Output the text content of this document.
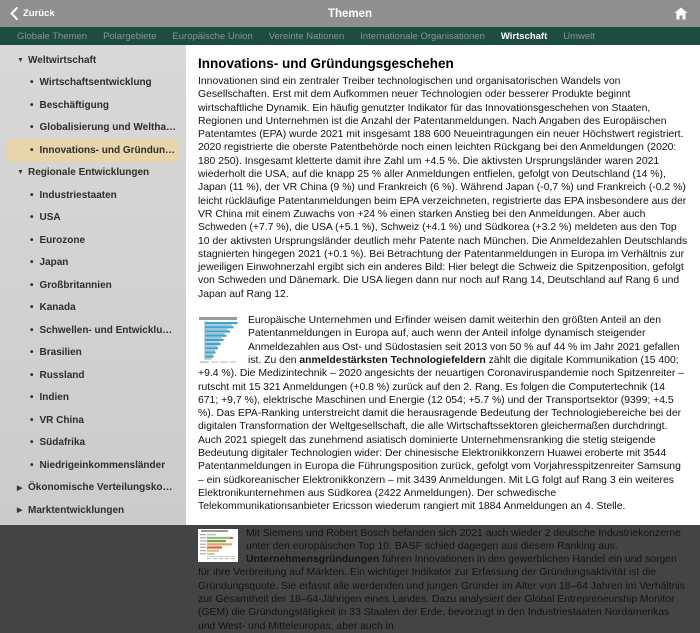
Zurück	Themen
Globale Themen Polargebiete Europäische Union Vereinte Nationen Internationale Organisationen Wirtschaft Umwelt
▼ Weltwirtschaft
• Wirtschaftsentwicklung
• Beschäftigung
• Globalisierung und Weltha…
• Innovations- und Gründun…
▼ Regionale Entwicklungen
• Industriestaaten
• USA
• Eurozone
• Japan
• Großbritannien
• Kanada
• Schwellen- und Entwicklu…
• Brasilien
• Russland
• Indien
• VR China
• Südafrika
• Niedrigeinkommensländer
▶ Ökonomische Verteilungsko…
▶ Marktentwicklungen
Innovations- und Gründungsgeschehen
Innovationen sind ein zentraler Treiber technologischen und organisatorischen Wandels von Gesellschaften. Erst mit dem Aufkommen neuer Technologien oder besserer Produkte beginnt wirtschaftliche Dynamik. Ein häufig genutzter Indikator für das Innovationsgeschehen von Staaten, Regionen und Unternehmen ist die Anzahl der Patentanmeldungen. Nach Angaben des Europäischen Patentamtes (EPA) wurde 2021 mit insgesamt 188 600 Neueintragungen ein neuer Höchstwert registriert. 2020 registrierte die oberste Patentbehörde noch einen leichten Rückgang bei den Anmeldungen (2020: 180 250). Insgesamt kletterte damit ihre Zahl um +4.5 %. Die aktivsten Ursprungsländer waren 2021 wiederholt die USA, auf die knapp 25 % aller Anmeldungen entfielen, gefolgt von Deutschland (14 %), Japan (11 %), der VR China (9 %) und Frankreich (6 %). Während Japan (-0,7 %) und Frankreich (-0.2 %) leicht rückläufige Patentanmeldungen beim EPA verzeichneten, registrierte das EPA insbesondere aus der VR China mit einem Zuwachs von +24 % einen starken Anstieg bei den Anmeldungen. Aber auch Schweden (+7.7 %), die USA (+5.1 %), Schweiz (+4.1 %) und Südkorea (+3.2 %) meldeten aus den Top 10 der aktivsten Ursprungsländer deutlich mehr Patente nach München. Die Anmeldezahlen Deutschlands stagnierten hingegen 2021 (+0.1 %). Bei Betrachtung der Patentanmeldungen in Europa im Verhältnis zur jeweiligen Einwohnerzahl ergibt sich ein anderes Bild: Hier belegt die Schweiz die Spitzenposition, gefolgt von Schweden und Dänemark. Die USA liegen dann nur noch auf Rang 14, Deutschland auf Rang 6 und Japan auf Rang 12.
Europäische Unternehmen und Erfinder weisen damit weiterhin den größten Anteil an den Patentanmeldungen in Europa auf, auch wenn der Anteil infolge dynamisch steigender Anmeldezahlen aus Ost- und Südostasien seit 2013 von 50 % auf 44 % im Jahr 2021 gefallen ist. Zu den anmeldestärksten Technologiefeldern zählt die digitale Kommunikation (15 400; +9.4 %). Die Medizintechnik – 2020 angesichts der neuartigen Coronaviruspandemie noch Spitzenreiter – rutscht mit 15 321 Anmeldungen (+0.8 %) zurück auf den 2. Rang. Es folgen die Computertechnik (14 671; +9,7 %), elektrische Maschinen und Energie (12 054; +5.7 %) und der Transportsektor (9399; +4.5 %). Das EPA-Ranking unterstreicht damit die herausragende Bedeutung der Technologiebereiche bei der digitalen Transformation der Weltgesellschaft, die alle Wirtschaftssektoren gleichermaßen durchdringt.
Auch 2021 spiegelt das zunehmend asiatisch dominierte Unternehmensranking die stetig steigende Bedeutung digitaler Technologien wider: Der chinesische Elektronikkonzern Huawei eroberte mit 3544 Patentanmeldungen in Europa die Führungsposition zurück, gefolgt vom Vorjahresspitzenreiter Samsung – ein südkoreanischer Elektronikkonzern – mit 3439 Anmeldungen. Mit LG folgt auf Rang 3 ein weiteres Elektronikunternehmen aus Südkorea (2422 Anmeldungen). Der schwedische Telekommunikationsanbieter Ericsson wiederum rangiert mit 1884 Anmeldungen an 4. Stelle.
Mit Siemens und Robert Bosch befanden sich 2021 auch wieder 2 deutsche Industriekonzerne unter den europäischen Top 10. BASF schied dagegen aus diesem Ranking aus.
Unternehmensgründungen führen Innovationen in den gewerblichen Handel ein und sorgen für ihre Verbreitung auf Märkten. Ein wichtiger Indikator zur Erfassung der Gründungsaktivität ist die Gründungsquote. Sie erfasst alle werdenden und jungen Gründer im Alter von 18–64 Jahren im Verhältnis zur Gesamtheit der 18–64-Jährigen eines Landes. Dazu analysiert der Global Entrepreneurship Monitor (GEM) die Gründungstätigkeit in 33 Staaten der Erde, bevorzugt in den Industriestaaten Nordamerikas und West- und Mitteleuropas, aber auch in
